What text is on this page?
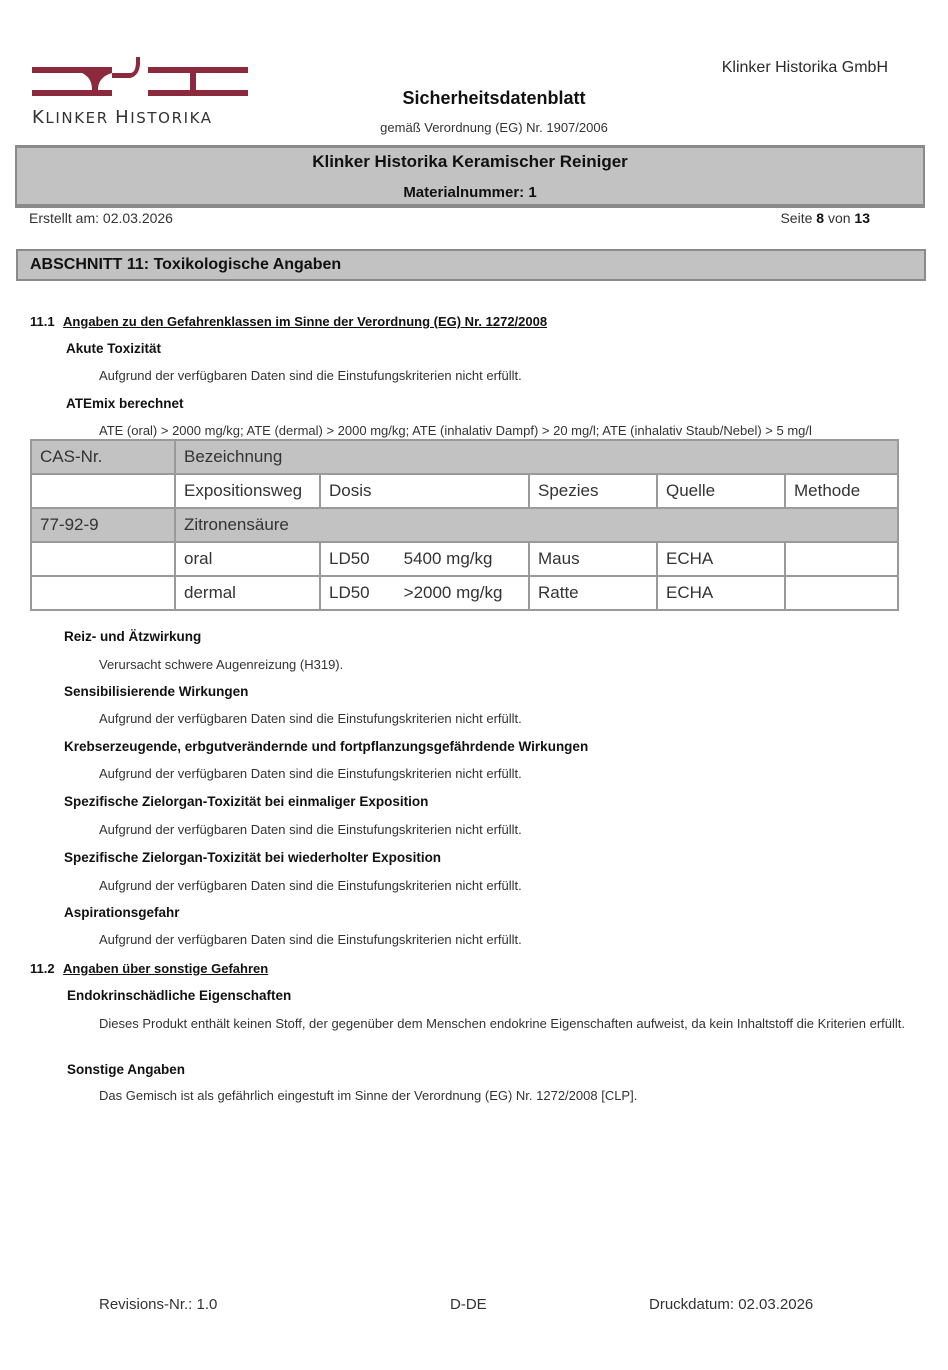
KLINKER HISTORIKA
Klinker Historika GmbH
Sicherheitsdatenblatt
gemäß Verordnung (EG) Nr. 1907/2006
Klinker Historika Keramischer Reiniger
Materialnummer: 1
Erstellt am: 02.03.2026	Seite 8 von 13
ABSCHNITT 11: Toxikologische Angaben
11.1 Angaben zu den Gefahrenklassen im Sinne der Verordnung (EG) Nr. 1272/2008
Akute Toxizität
Aufgrund der verfügbaren Daten sind die Einstufungskriterien nicht erfüllt.
ATEmix berechnet
ATE (oral) > 2000 mg/kg; ATE (dermal) > 2000 mg/kg; ATE (inhalativ Dampf) > 20 mg/l; ATE (inhalativ Staub/Nebel) > 5 mg/l
CAS-Nr.	Bezeichnung				
	Expositionsweg	Dosis	Spezies	Quelle	Methode
77-92-9	Zitronensäure				
	oral	LD50 5400 mg/kg	Maus	ECHA	
	dermal	LD50 >2000 mg/kg	Ratte	ECHA	
Reiz- und Ätzwirkung
Verursacht schwere Augenreizung (H319).
Sensibilisierende Wirkungen
Aufgrund der verfügbaren Daten sind die Einstufungskriterien nicht erfüllt.
Krebserzeugende, erbgutverändernde und fortpflanzungsgefährdende Wirkungen
Aufgrund der verfügbaren Daten sind die Einstufungskriterien nicht erfüllt.
Spezifische Zielorgan-Toxizität bei einmaliger Exposition
Aufgrund der verfügbaren Daten sind die Einstufungskriterien nicht erfüllt.
Spezifische Zielorgan-Toxizität bei wiederholter Exposition
Aufgrund der verfügbaren Daten sind die Einstufungskriterien nicht erfüllt.
Aspirationsgefahr
Aufgrund der verfügbaren Daten sind die Einstufungskriterien nicht erfüllt.
11.2 Angaben über sonstige Gefahren
Endokrinschädliche Eigenschaften
Dieses Produkt enthält keinen Stoff, der gegenüber dem Menschen endokrine Eigenschaften aufweist, da kein Inhaltstoff die Kriterien erfüllt.
Sonstige Angaben
Das Gemisch ist als gefährlich eingestuft im Sinne der Verordnung (EG) Nr. 1272/2008 [CLP].
Revisions-Nr.: 1.0	D-DE	Druckdatum: 02.03.2026
